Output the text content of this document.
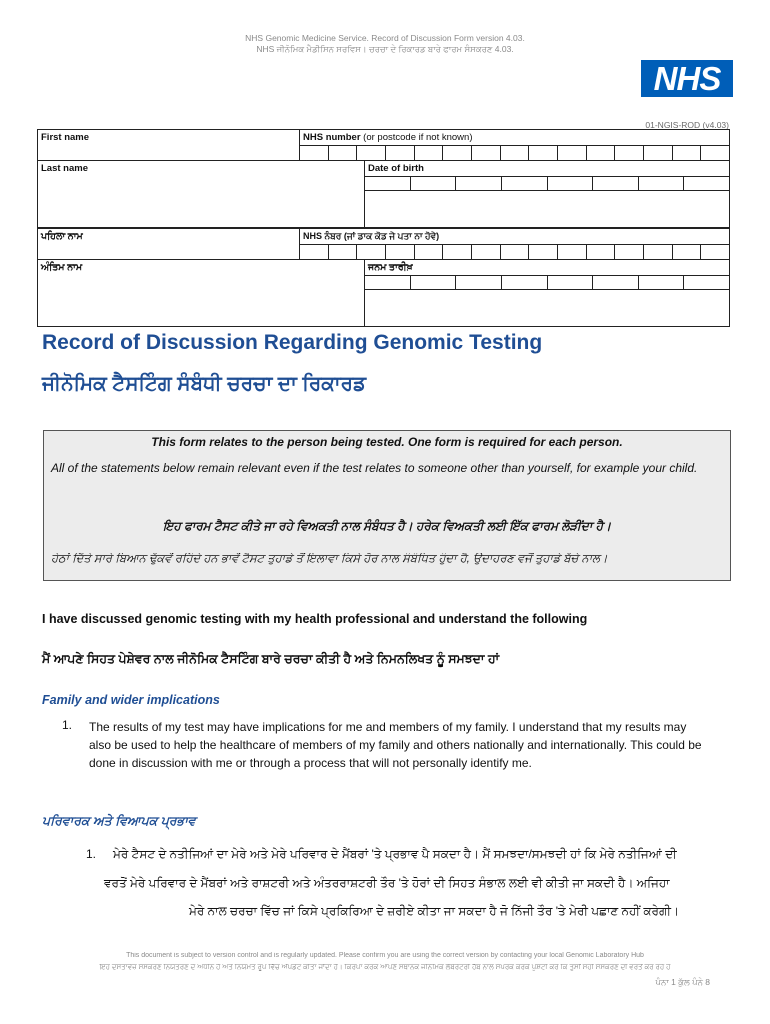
NHS Genomic Medicine Service. Record of Discussion Form version 4.03.
NHS ਜੀਨੋਮਿਕ ਮੈਡੀਸਿਨ ਸਰਵਿਸ। ਚਰਚਾ ਦੇ ਰਿਕਾਰਡ ਬਾਰੇ ਫਾਰਮ ਸੰਸਕਰਣ 4.03.
NHS
01-NGIS-ROD (v4.03)
First name	NHS number (or postcode if not known)
Last name	Date of birth
ਪਹਿਲਾ ਨਾਮ	NHS ਨੰਬਰ (ਜਾਂ ਡਾਕ ਕੋਡ ਜੇ ਪਤਾ ਨਾ ਹੋਵੇ)
ਅੰਤਿਮ ਨਾਮ	ਜਨਮ ਤਾਰੀਖ਼
Record of Discussion Regarding Genomic Testing
ਜੀਨੋਮਿਕ ਟੈਸਟਿੰਗ ਸੰਬੰਧੀ ਚਰਚਾ ਦਾ ਰਿਕਾਰਡ
This form relates to the person being tested. One form is required for each person.
All of the statements below remain relevant even if the test relates to someone other than yourself, for example your child.
ਇਹ ਫਾਰਮ ਟੈਸਟ ਕੀਤੇ ਜਾ ਰਹੇ ਵਿਅਕਤੀ ਨਾਲ ਸੰਬੰਧਤ ਹੈ। ਹਰੇਕ ਵਿਅਕਤੀ ਲਈ ਇੱਕ ਫਾਰਮ ਲੋੜੀਂਦਾ ਹੈ।
ਹੇਠਾਂ ਦਿੱਤੇ ਸਾਰੇ ਬਿਆਨ ਢੁੱਕਵੇਂ ਰਹਿੰਦੇ ਹਨ ਭਾਵੇਂ ਟੈਸਟ ਤੁਹਾਡੇ ਤੋਂ ਇਲਾਵਾ ਕਿਸੇ ਹੋਰ ਨਾਲ ਸੰਬੰਧਿਤ ਹੁੰਦਾ ਹੈ, ਉਦਾਹਰਣ ਵਜੋਂ ਤੁਹਾਡੇ ਬੱਚੇ ਨਾਲ।
I have discussed genomic testing with my health professional and understand the following
ਮੈਂ ਆਪਣੇ ਸਿਹਤ ਪੇਸ਼ੇਵਰ ਨਾਲ ਜੀਨੋਮਿਕ ਟੈਸਟਿੰਗ ਬਾਰੇ ਚਰਚਾ ਕੀਤੀ ਹੈ ਅਤੇ ਨਿਮਨਲਿਖਤ ਨੂੰ ਸਮਝਦਾ ਹਾਂ
Family and wider implications
1. The results of my test may have implications for me and members of my family. I understand that my results may also be used to help the healthcare of members of my family and others nationally and internationally. This could be done in discussion with me or through a process that will not personally identify me.
ਪਰਿਵਾਰਕ ਅਤੇ ਵਿਆਪਕ ਪ੍ਰਭਾਵ
1. ਮੇਰੇ ਟੈਸਟ ਦੇ ਨਤੀਜਿਆਂ ਦਾ ਮੇਰੇ ਅਤੇ ਮੇਰੇ ਪਰਿਵਾਰ ਦੇ ਮੈਂਬਰਾਂ 'ਤੇ ਪ੍ਰਭਾਵ ਪੈ ਸਕਦਾ ਹੈ। ਮੈਂ ਸਮਝਦਾ/ਸਮਝਦੀ ਹਾਂ ਕਿ ਮੇਰੇ ਨਤੀਜਿਆਂ ਦੀ
ਵਰਤੋਂ ਮੇਰੇ ਪਰਿਵਾਰ ਦੇ ਮੈਂਬਰਾਂ ਅਤੇ ਰਾਸ਼ਟਰੀ ਅਤੇ ਅੰਤਰਰਾਸ਼ਟਰੀ ਤੌਰ 'ਤੇ ਹੋਰਾਂ ਦੀ ਸਿਹਤ ਸੰਭਾਲ ਲਈ ਵੀ ਕੀਤੀ ਜਾ ਸਕਦੀ ਹੈ। ਅਜਿਹਾ
ਮੇਰੇ ਨਾਲ ਚਰਚਾ ਵਿੱਚ ਜਾਂ ਕਿਸੇ ਪ੍ਰਕਿਰਿਆ ਦੇ ਜ਼ਰੀਏ ਕੀਤਾ ਜਾ ਸਕਦਾ ਹੈ ਜੋ ਨਿੱਜੀ ਤੌਰ 'ਤੇ ਮੇਰੀ ਪਛਾਣ ਨਹੀਂ ਕਰੇਗੀ।
This document is subject to version control and is regularly updated. Please confirm you are using the correct version by contacting your local Genomic Laboratory Hub
ਇਹ ਦਸਤਾਵੇਜ਼ ਸੰਸਕਰਣ ਨਿਯੰਤਰਣ ਦੇ ਅਧੀਨ ਹੈ ਅਤੇ ਨਿਯਮਤ ਰੂਪ ਵਿੱਚ ਅੱਪਡੇਟ ਕੀਤਾ ਜਾਂਦਾ ਹੈ। ਕਿਰਪਾ ਕਰਕੇ ਆਪਣੇ ਸਥਾਨਕ ਜੀਨੋਮਿਕ ਲੈਬੋਰੇਟਰੀ ਹੱਬ ਨਾਲ ਸੰਪਰਕ ਕਰਕੇ ਪੁਸ਼ਟੀ ਕਰੋ ਕਿ ਤੁਸੀਂ ਸਹੀ ਸੰਸਕਰਣ ਦੀ ਵਰਤੋਂ ਕਰ ਰਹੇ ਹੋ
ਪੰਨਾ 1 ਕੁੱਲ ਪੰਨੇ 8
